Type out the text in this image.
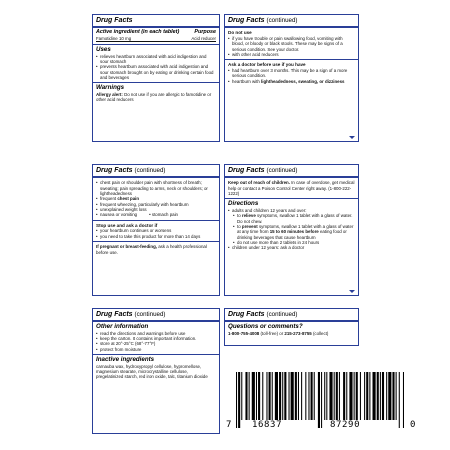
Drug Facts
Active ingredient (in each tablet)	Purpose
Famotidine 10 mg	Acid reducer
Uses
• relieves heartburn associated with acid indigestion and sour stomach
• prevents heartburn associated with acid indigestion and sour stomach brought on by eating or drinking certain food and beverages
Warnings
Allergy alert: Do not use if you are allergic to famotidine or other acid reducers
Drug Facts (continued)
Do not use
• if you have trouble or pain swallowing food, vomiting with blood, or bloody or black stools. These may be signs of a serious condition. See your doctor.
• with other acid reducers
Ask a doctor before use if you have
• had heartburn over 3 months. This may be a sign of a more serious condition.
• heartburn with lightheadedness, sweating, or dizziness
Drug Facts (continued)
• chest pain or shoulder pain with shortness of breath; sweating; pain spreading to arms, neck or shoulders; or lightheadedness
• frequent chest pain
• frequent wheezing, particularly with heartburn
• unexplained weight loss
• nausea or vomiting	• stomach pain
Stop use and ask a doctor if
• your heartburn continues or worsens
• you need to take this product for more than 14 days
If pregnant or breast-feeding, ask a health professional before use.
Drug Facts (continued)
Keep out of reach of children. In case of overdose, get medical help or contact a Poison Control Center right away. (1-800-222-1222)
Directions
• adults and children 12 years and over:
• to relieve symptoms, swallow 1 tablet with a glass of water. Do not chew.
• to prevent symptoms, swallow 1 tablet with a glass of water at any time from 15 to 60 minutes before eating food or drinking beverages that cause heartburn
• do not use more than 2 tablets in 24 hours
• children under 12 years: ask a doctor
Drug Facts (continued)
Other information
• read the directions and warnings before use
• keep the carton. It contains important information.
• store at 20°-25°C (68°-77°F)
• protect from moisture
Inactive ingredients
carnauba wax, hydroxypropyl cellulose, hypromellose, magnesium stearate, microcrystalline cellulose, pregelatinized starch, red iron oxide, talc, titanium dioxide
Drug Facts (continued)
Questions or comments?
1-800-755-4008 (toll-free) or 215-273-8755 (collect)
7 16837	87290	0
